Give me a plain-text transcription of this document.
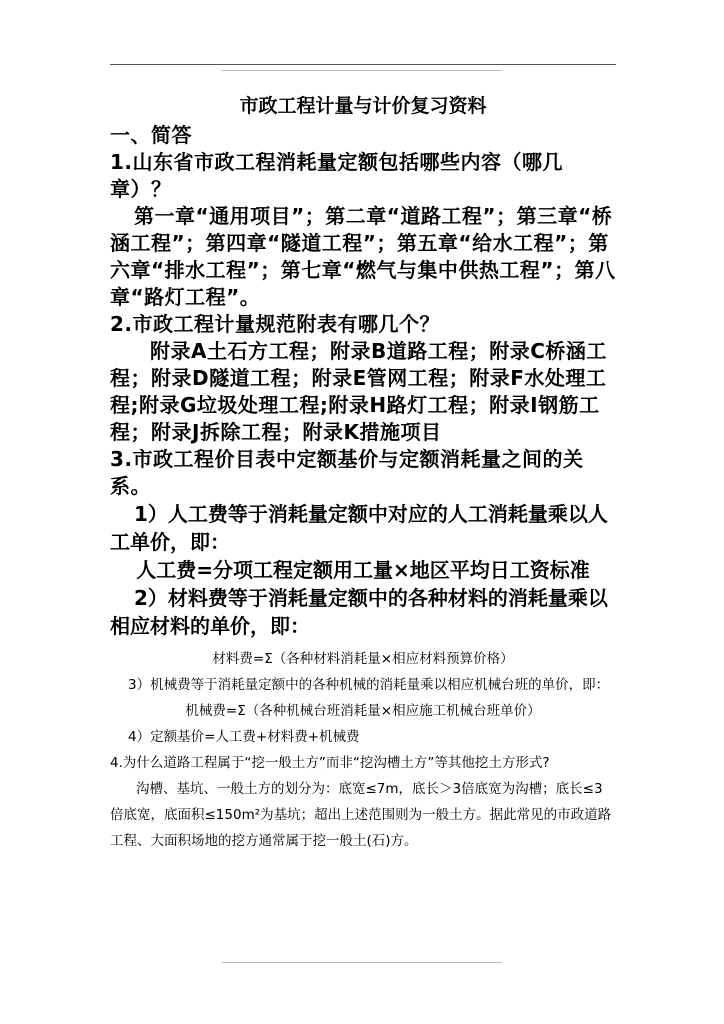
市政工程计量与计价复习资料

一、简答

1.山东省市政工程消耗量定额包括哪些内容（哪几章）？

第一章“通用项目”；第二章“道路工程”；第三章“桥涵工程”；第四章“隧道工程”；第五章“给水工程”；第六章“排水工程”；第七章“燃气与集中供热工程”；第八章“路灯工程”。

2.市政工程计量规范附表有哪几个？

附录A土石方工程；附录B道路工程；附录C桥涵工程；附录D隧道工程；附录E管网工程；附录F水处理工程;附录G垃圾处理工程;附录H路灯工程；附录I钢筋工程；附录J拆除工程；附录K措施项目

3.市政工程价目表中定额基价与定额消耗量之间的关系。

1）人工费等于消耗量定额中对应的人工消耗量乘以人工单价，即：

人工费=分项工程定额用工量×地区平均日工资标准

2）材料费等于消耗量定额中的各种材料的消耗量乘以相应材料的单价，即：

材料费=Σ（各种材料消耗量×相应材料预算价格）

3）机械费等于消耗量定额中的各种机械的消耗量乘以相应机械台班的单价，即：

机械费=Σ（各种机械台班消耗量×相应施工机械台班单价）

4）定额基价=人工费+材料费+机械费

4.为什么道路工程属于“挖一般土方”而非“挖沟槽土方”等其他挖土方形式?

沟槽、基坑、一般土方的划分为：底宽≤7m，底长＞3倍底宽为沟槽；底长≤3倍底宽，底面积≤150m²为基坑；超出上述范围则为一般土方。据此常见的市政道路工程、大面积场地的挖方通常属于挖一般土(石)方。
